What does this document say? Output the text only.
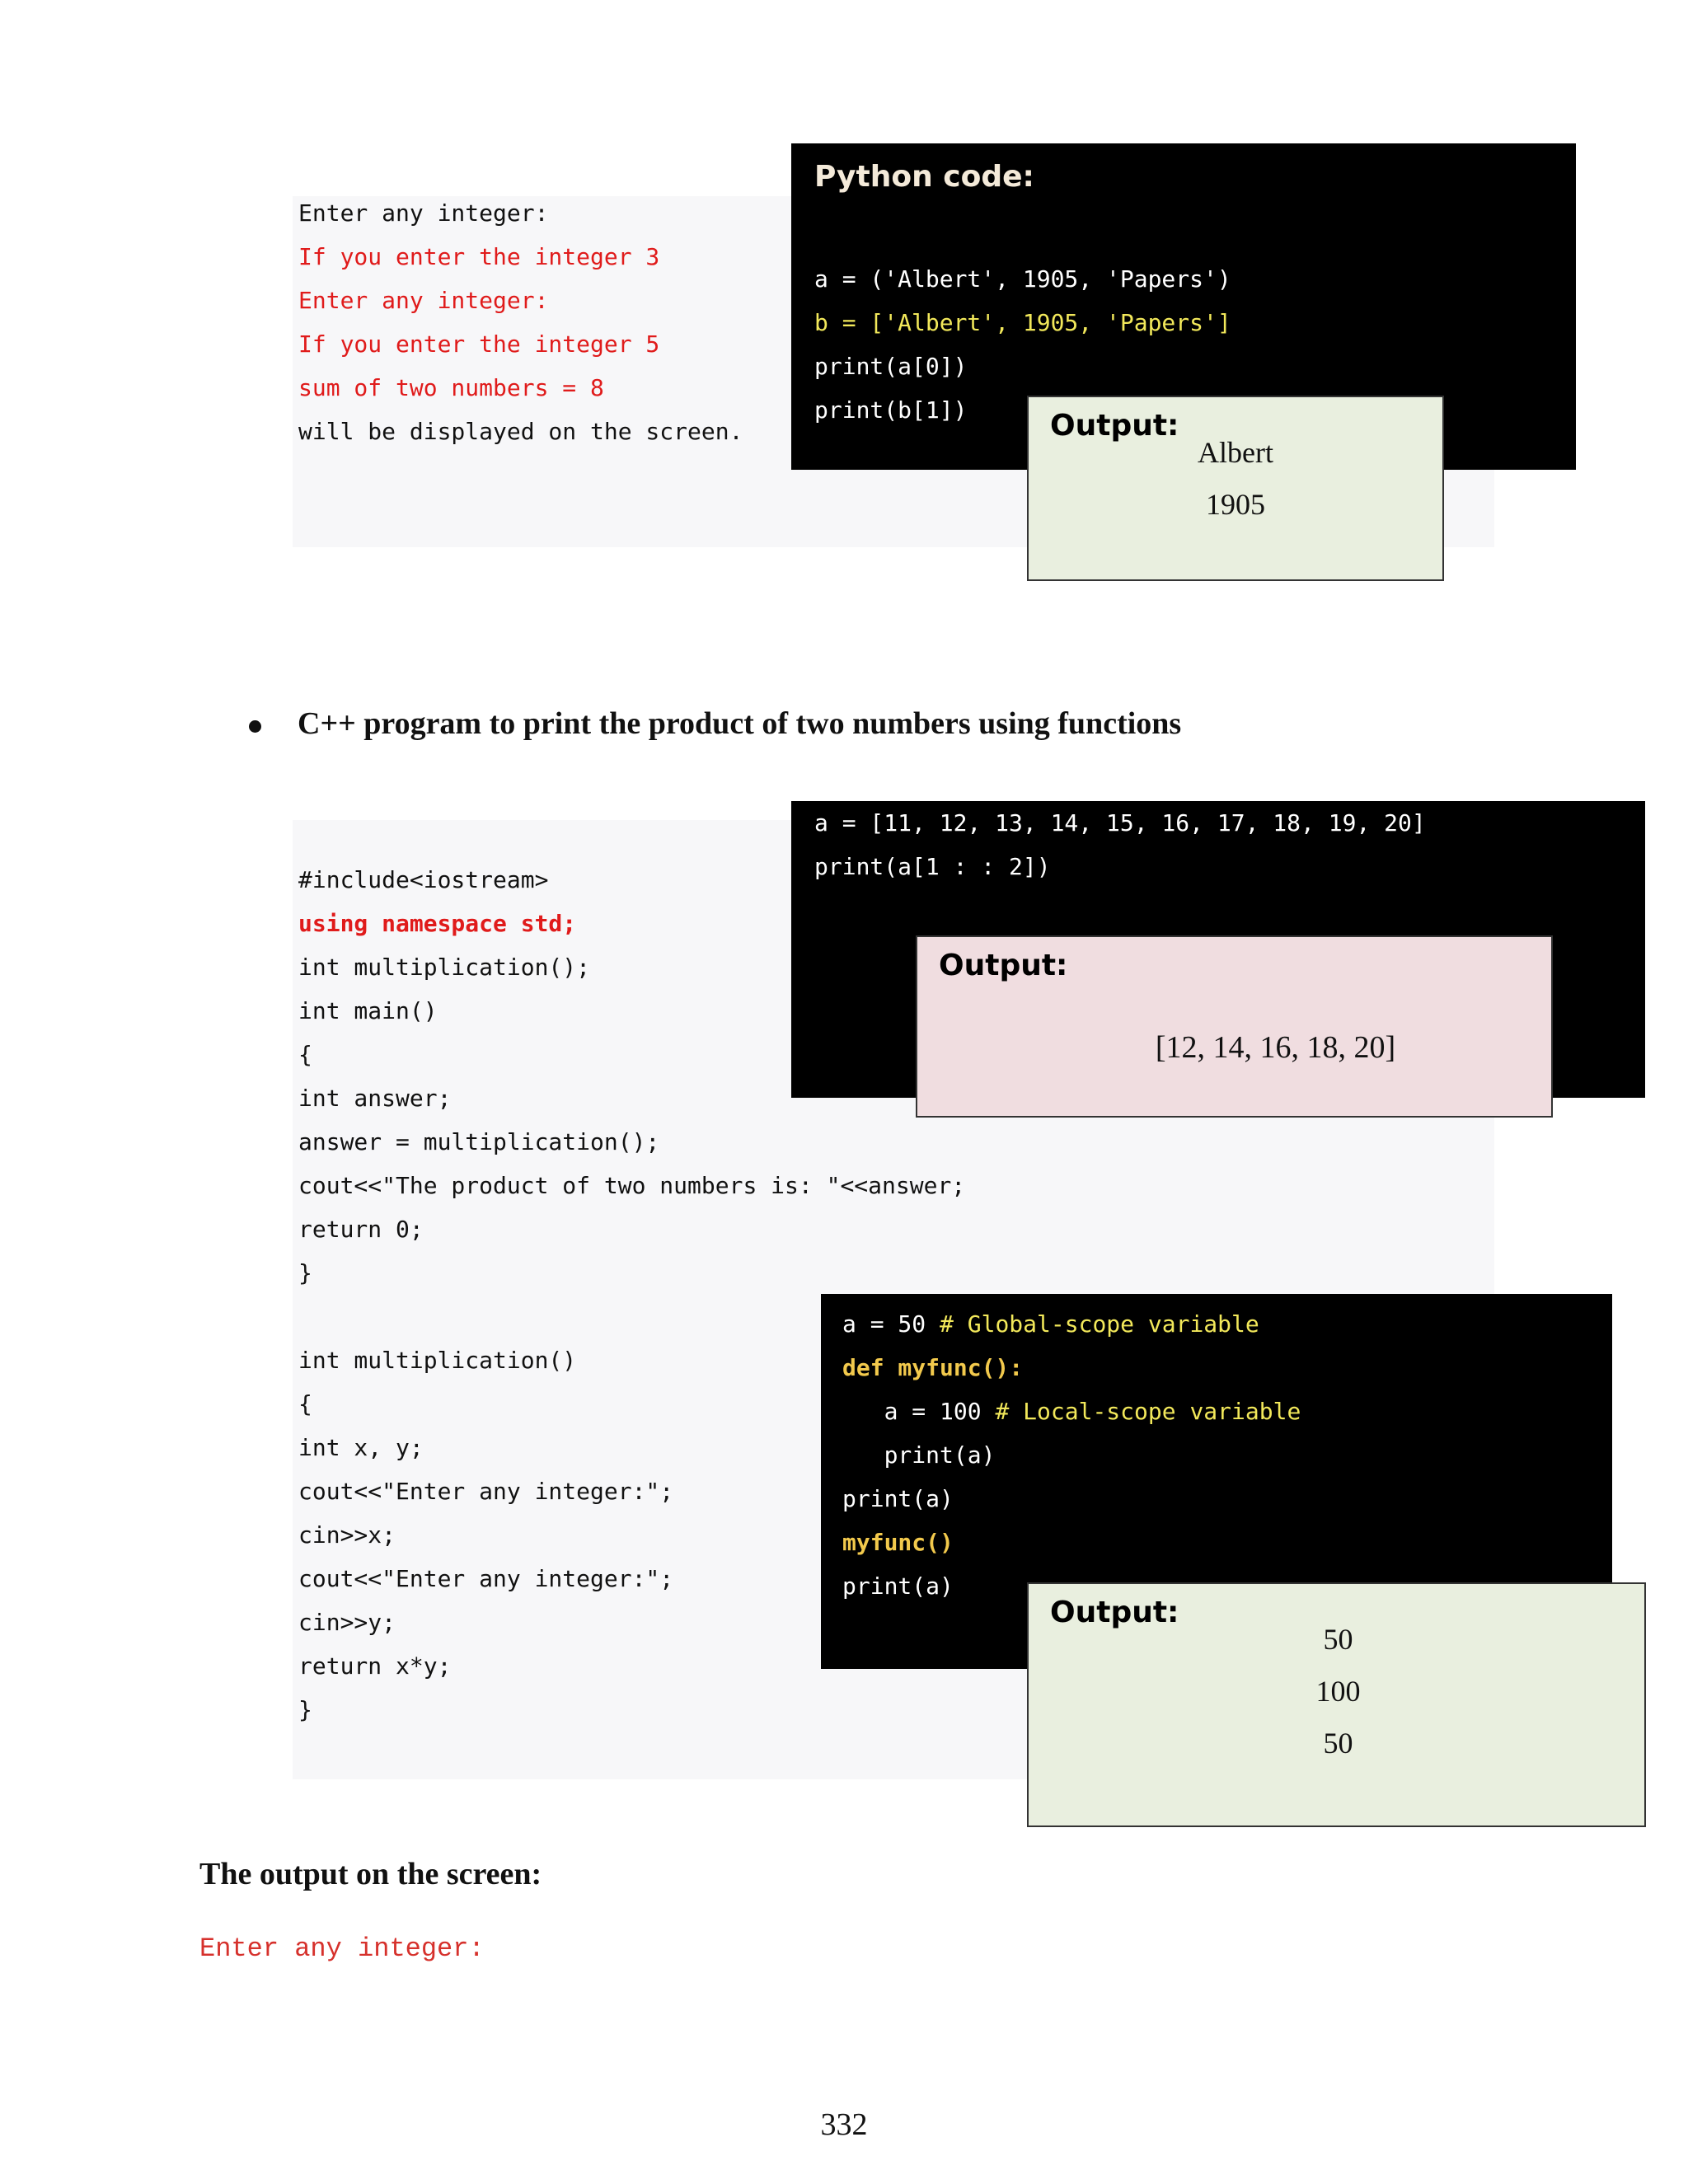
Enter any integer:
If you enter the integer 3
Enter any integer:
If you enter the integer 5
sum of two numbers = 8
will be displayed on the screen.
Python code:
a = ('Albert', 1905, 'Papers')
b = ['Albert', 1905, 'Papers']
print(a[0])
print(b[1])	Output:
Albert
1905
C++ program to print the product of two numbers using functions
#include<iostream>
using namespace std;
int multiplication();
int main()
{
int answer;
answer = multiplication();
cout<<"The product of two numbers is: "<<answer;
return 0;
}
int multiplication()
{
int x, y;
cout<<"Enter any integer:";
cin>>x;
cout<<"Enter any integer:";
cin>>y;
return x*y;
}
a = [11, 12, 13, 14, 15, 16, 17, 18, 19, 20]
print(a[1 : : 2])
Output:
[12, 14, 16, 18, 20]
a = 50 # Global-scope variable
def myfunc():
a = 100 # Local-scope variable
print(a)
print(a)
myfunc()
print(a)
Output:
50
100
50
The output on the screen:
Enter any integer:
332
